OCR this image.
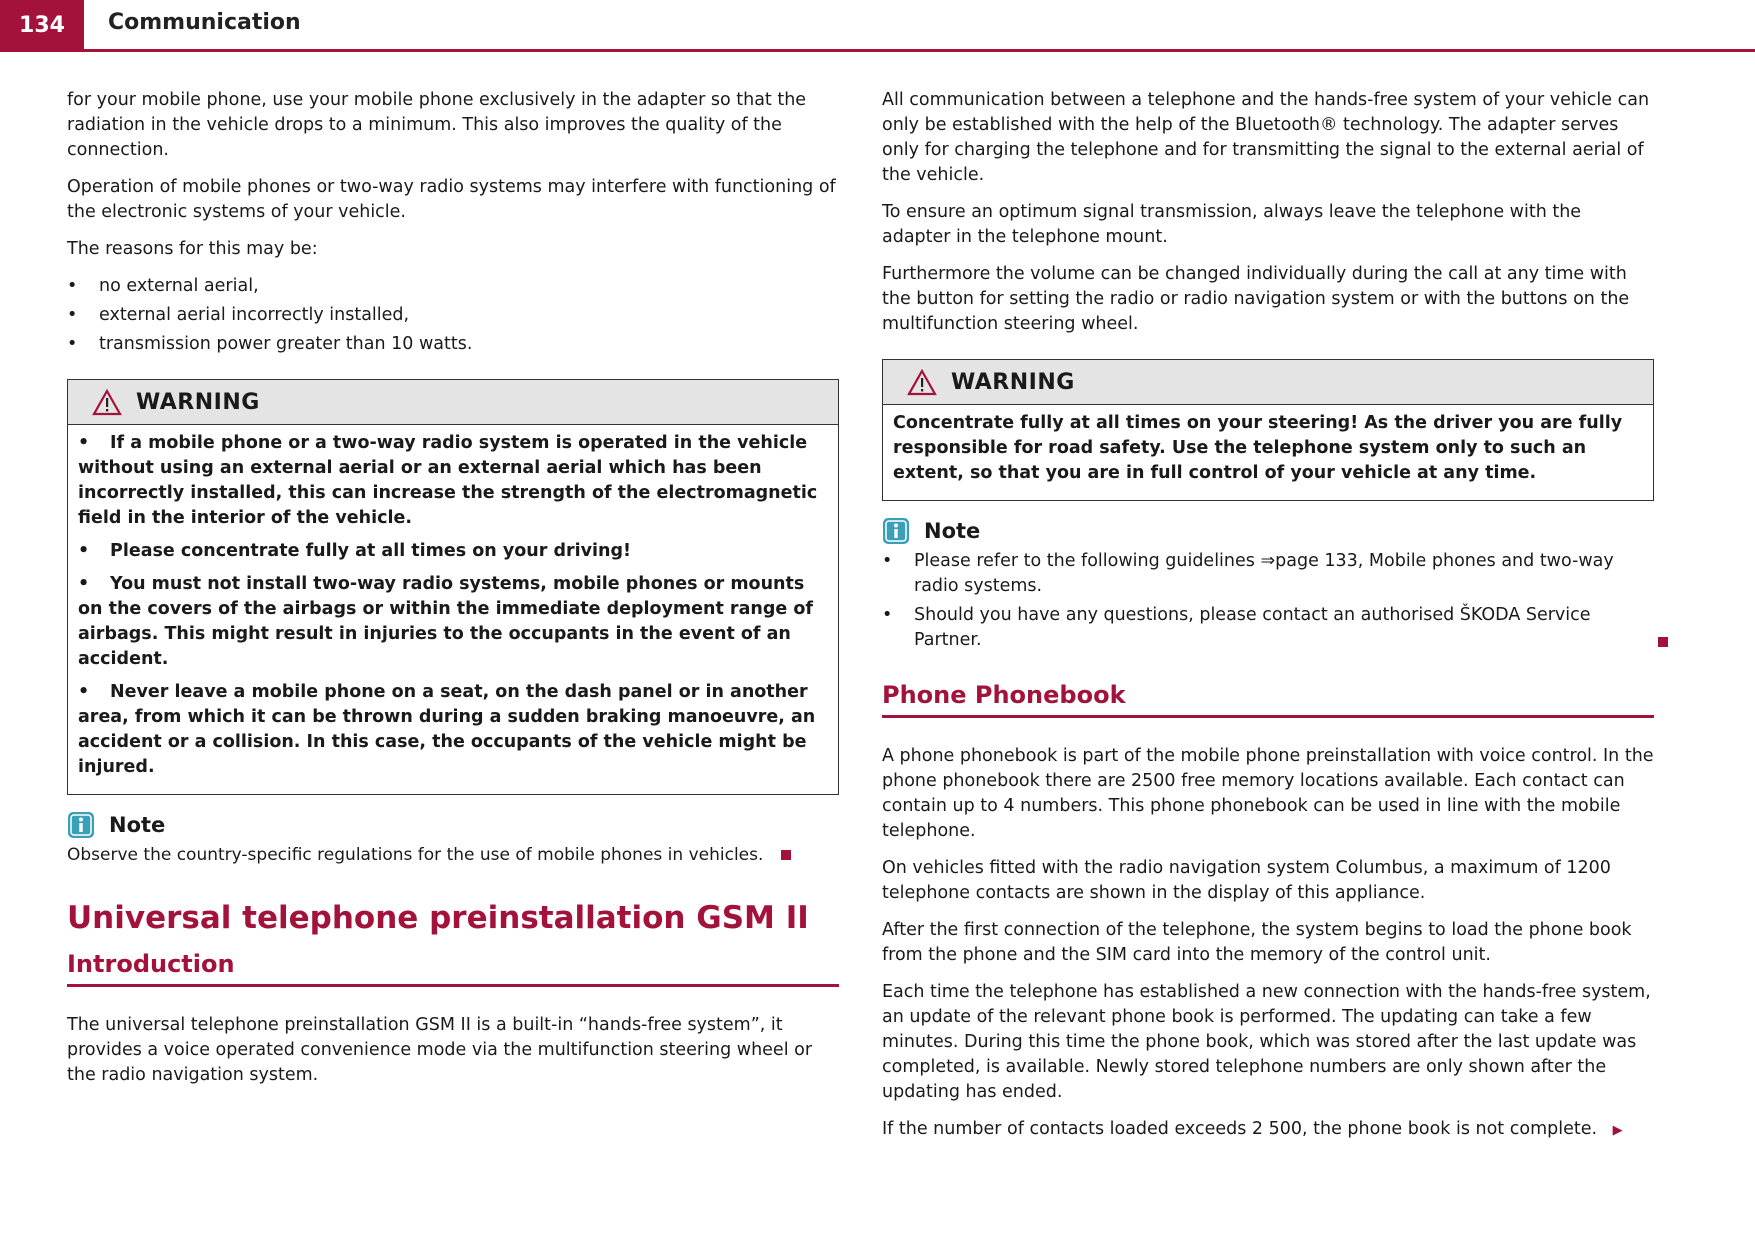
134	Communication

for your mobile phone, use your mobile phone exclusively in the adapter so that the radiation in the vehicle drops to a minimum. This also improves the quality of the connection.

Operation of mobile phones or two-way radio systems may interfere with functioning of the electronic systems of your vehicle.

The reasons for this may be:

• no external aerial,
• external aerial incorrectly installed,
• transmission power greater than 10 watts.
WARNING

• If a mobile phone or a two-way radio system is operated in the vehicle without using an external aerial or an external aerial which has been incorrectly installed, this can increase the strength of the electromagnetic field in the interior of the vehicle.

• Please concentrate fully at all times on your driving!

• You must not install two-way radio systems, mobile phones or mounts on the covers of the airbags or within the immediate deployment range of airbags. This might result in injuries to the occupants in the event of an accident.

• Never leave a mobile phone on a seat, on the dash panel or in another area, from which it can be thrown during a sudden braking manoeuvre, an accident or a collision. In this case, the occupants of the vehicle might be injured.

Note

Observe the country-specific regulations for the use of mobile phones in vehicles.

Universal telephone preinstallation GSM II
Introduction

The universal telephone preinstallation GSM II is a built-in “hands-free system”, it provides a voice operated convenience mode via the multifunction steering wheel or the radio navigation system.

All communication between a telephone and the hands-free system of your vehicle can only be established with the help of the Bluetooth® technology. The adapter serves only for charging the telephone and for transmitting the signal to the external aerial of the vehicle.

To ensure an optimum signal transmission, always leave the telephone with the adapter in the telephone mount.

Furthermore the volume can be changed individually during the call at any time with the button for setting the radio or radio navigation system or with the buttons on the multifunction steering wheel.

WARNING

Concentrate fully at all times on your steering! As the driver you are fully responsible for road safety. Use the telephone system only to such an extent, so that you are in full control of your vehicle at any time.

Note
• Please refer to the following guidelines ⇒page 133, Mobile phones and two-way radio systems.
• Should you have any questions, please contact an authorised ŠKODA Service Partner.
Phone Phonebook

A phone phonebook is part of the mobile phone preinstallation with voice control. In the phone phonebook there are 2500 free memory locations available. Each contact can contain up to 4 numbers. This phone phonebook can be used in line with the mobile telephone.

On vehicles fitted with the radio navigation system Columbus, a maximum of 1200 telephone contacts are shown in the display of this appliance.

After the first connection of the telephone, the system begins to load the phone book from the phone and the SIM card into the memory of the control unit.

Each time the telephone has established a new connection with the hands-free system, an update of the relevant phone book is performed. The updating can take a few minutes. During this time the phone book, which was stored after the last update was completed, is available. Newly stored telephone numbers are only shown after the updating has ended.

If the number of contacts loaded exceeds 2 500, the phone book is not complete. ▶
